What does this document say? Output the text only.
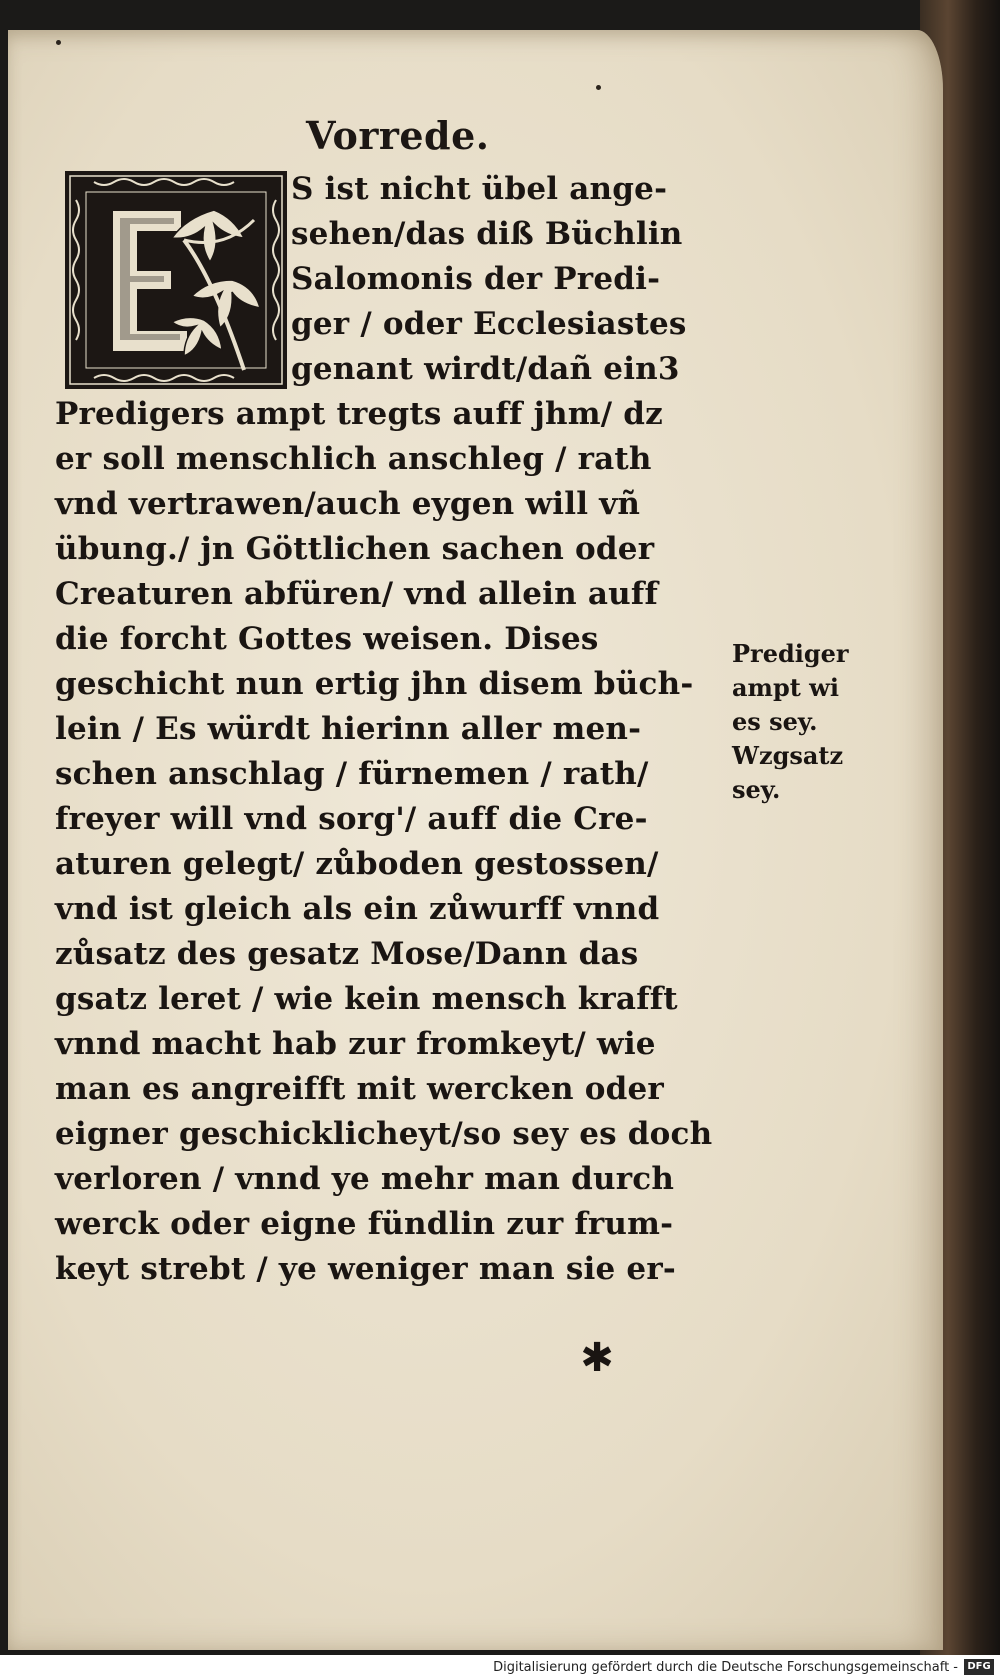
Vorrede.
S ist nicht übel ange-
sehen/das diß Büchlin
Salomonis der Predi-
ger / oder Ecclesiastes
genant wirdt/dañ ein3
Predigers ampt tregts auff jhm/ dz
er soll menschlich anschleg / rath
vnd vertrawen/auch eygen will vñ
übung./ jn Göttlichen sachen oder
Creaturen abfüren/ vnd allein auff
die forcht Gottes weisen. Dises
geschicht nun ertig jhn disem büch-
lein / Es würdt hierinn aller men-
schen anschlag / fürnemen / rath/
freyer will vnd sorg'/ auff die Cre-
aturen gelegt/ zůboden gestossen/
vnd ist gleich als ein zůwurff vnnd
zůsatz des gesatz Mose/Dann das
gsatz leret / wie kein mensch krafft
vnnd macht hab zur fromkeyt/ wie
man es angreifft mit wercken oder
eigner geschicklicheyt/so sey es doch
verloren / vnnd ye mehr man durch
werck oder eigne fündlin zur frum-
keyt strebt / ye weniger man sie er-
Prediger
ampt wi
es sey.
Wzgsatz
sey.
✱
Digitalisierung gefördert durch die Deutsche Forschungsgemeinschaft - DFG
